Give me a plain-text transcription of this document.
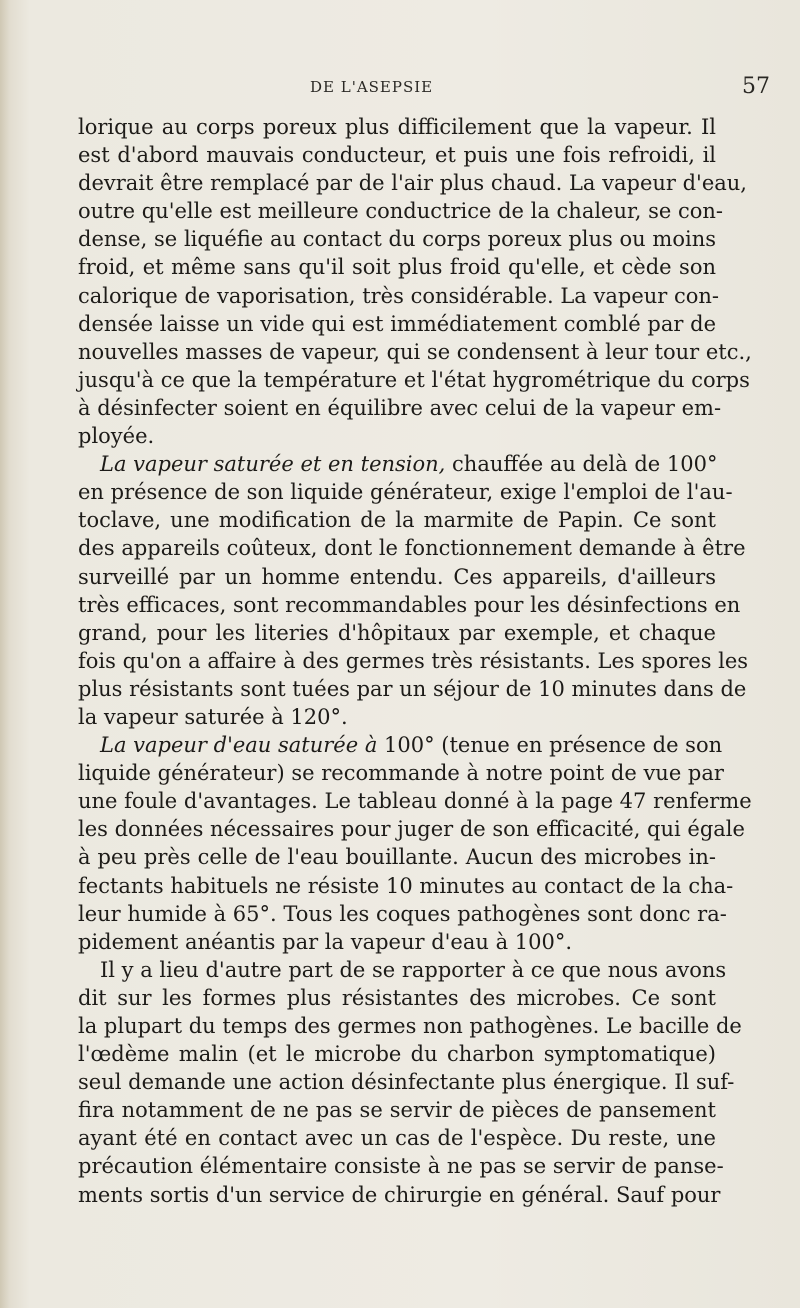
DE L'ASEPSIE	57
lorique au corps poreux plus difficilement que la vapeur. Il
est d'abord mauvais conducteur, et puis une fois refroidi, il
devrait être remplacé par de l'air plus chaud. La vapeur d'eau,
outre qu'elle est meilleure conductrice de la chaleur, se con-
dense, se liquéfie au contact du corps poreux plus ou moins
froid, et même sans qu'il soit plus froid qu'elle, et cède son
calorique de vaporisation, très considérable. La vapeur con-
densée laisse un vide qui est immédiatement comblé par de
nouvelles masses de vapeur, qui se condensent à leur tour etc.,
jusqu'à ce que la température et l'état hygrométrique du corps
à désinfecter soient en équilibre avec celui de la vapeur em-
ployée.
La vapeur saturée et en tension, chauffée au delà de 100°
en présence de son liquide générateur, exige l'emploi de l'au-
toclave, une modification de la marmite de Papin. Ce sont
des appareils coûteux, dont le fonctionnement demande à être
surveillé par un homme entendu. Ces appareils, d'ailleurs
très efficaces, sont recommandables pour les désinfections en
grand, pour les literies d'hôpitaux par exemple, et chaque
fois qu'on a affaire à des germes très résistants. Les spores les
plus résistants sont tuées par un séjour de 10 minutes dans de
la vapeur saturée à 120°.
La vapeur d'eau saturée à 100° (tenue en présence de son
liquide générateur) se recommande à notre point de vue par
une foule d'avantages. Le tableau donné à la page 47 renferme
les données nécessaires pour juger de son efficacité, qui égale
à peu près celle de l'eau bouillante. Aucun des microbes in-
fectants habituels ne résiste 10 minutes au contact de la cha-
leur humide à 65°. Tous les coques pathogènes sont donc ra-
pidement anéantis par la vapeur d'eau à 100°.
Il y a lieu d'autre part de se rapporter à ce que nous avons
dit sur les formes plus résistantes des microbes. Ce sont
la plupart du temps des germes non pathogènes. Le bacille de
l'œdème malin (et le microbe du charbon symptomatique)
seul demande une action désinfectante plus énergique. Il suf-
fira notamment de ne pas se servir de pièces de pansement
ayant été en contact avec un cas de l'espèce. Du reste, une
précaution élémentaire consiste à ne pas se servir de panse-
ments sortis d'un service de chirurgie en général. Sauf pour
